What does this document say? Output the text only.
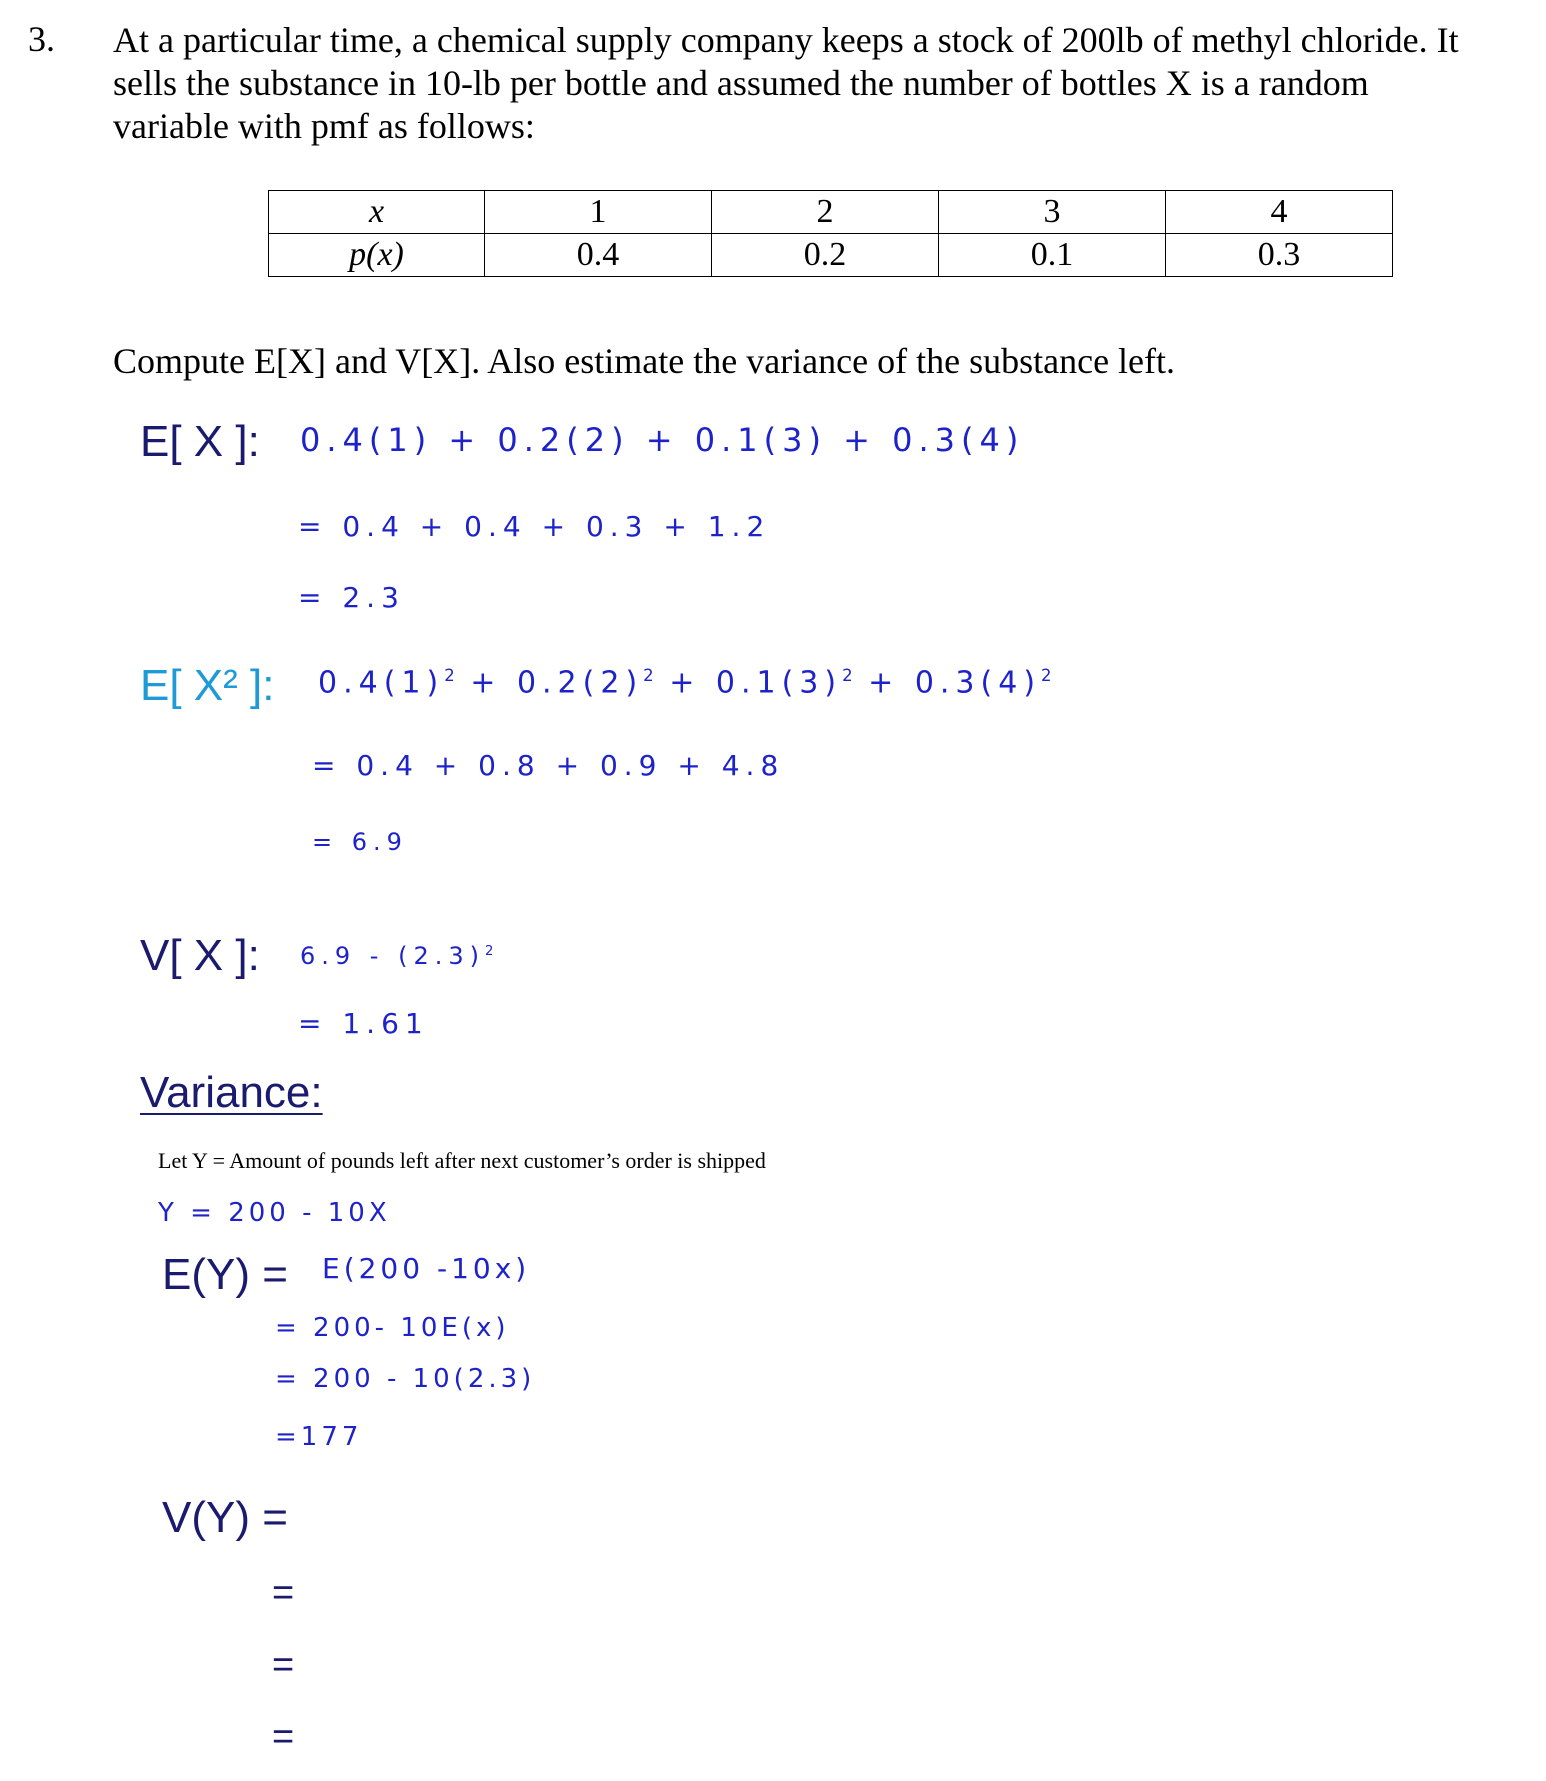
3. At a particular time, a chemical supply company keeps a stock of 200lb of methyl chloride. It
sells the substance in 10-lb per bottle and assumed the number of bottles X is a random
variable with pmf as follows:
x	1	2	3	4
p(x)	0.4	0.2	0.1	0.3
Compute E[X] and V[X]. Also estimate the variance of the substance left.
E[ X ]: 0.4(1) + 0.2(2) + 0.1(3) + 0.3(4)
= 0.4 + 0.4 + 0.3 + 1.2
= 2.3
E[ X² ]: $0.4(1)^2 + 0.2(2)^2 + 0.1(3)^2 + 0.3(4)^2$
= 0.4 + 0.8 + 0.9 + 4.8
= 6.9
V[ X ]: $6.9 - (2.3)^2$
= 1.61
Variance:
Let Y = Amount of pounds left after next customer’s order is shipped
Y = 200 - 10X
E(Y) = E(200 -10x)
= 200- 10E(x)
= 200 - 10(2.3)
=177
V(Y) =
=
=
=
